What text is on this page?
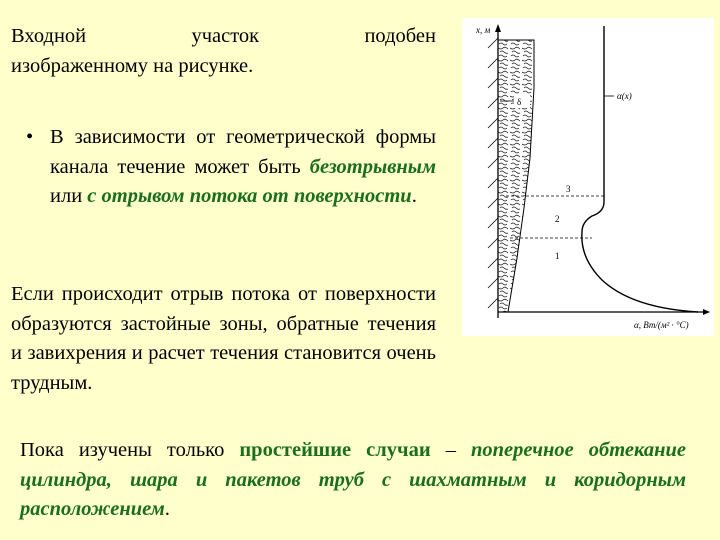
Входной	участок	подобен
изображенному на рисунке.
• В зависимости от геометрической формы канала течение может быть безотрывным или с отрывом потока от поверхности.
Если происходит отрыв потока от поверхности образуются застойные зоны, обратные течения и завихрения и расчет течения становится очень трудным.
Пока изучены только простейшие случаи – поперечное обтекание цилиндра, шара и пакетов труб с шахматным и коридорным расположением.
δ
x, м
α, Вт/(м² · °C)
α(x)
3
2
1
